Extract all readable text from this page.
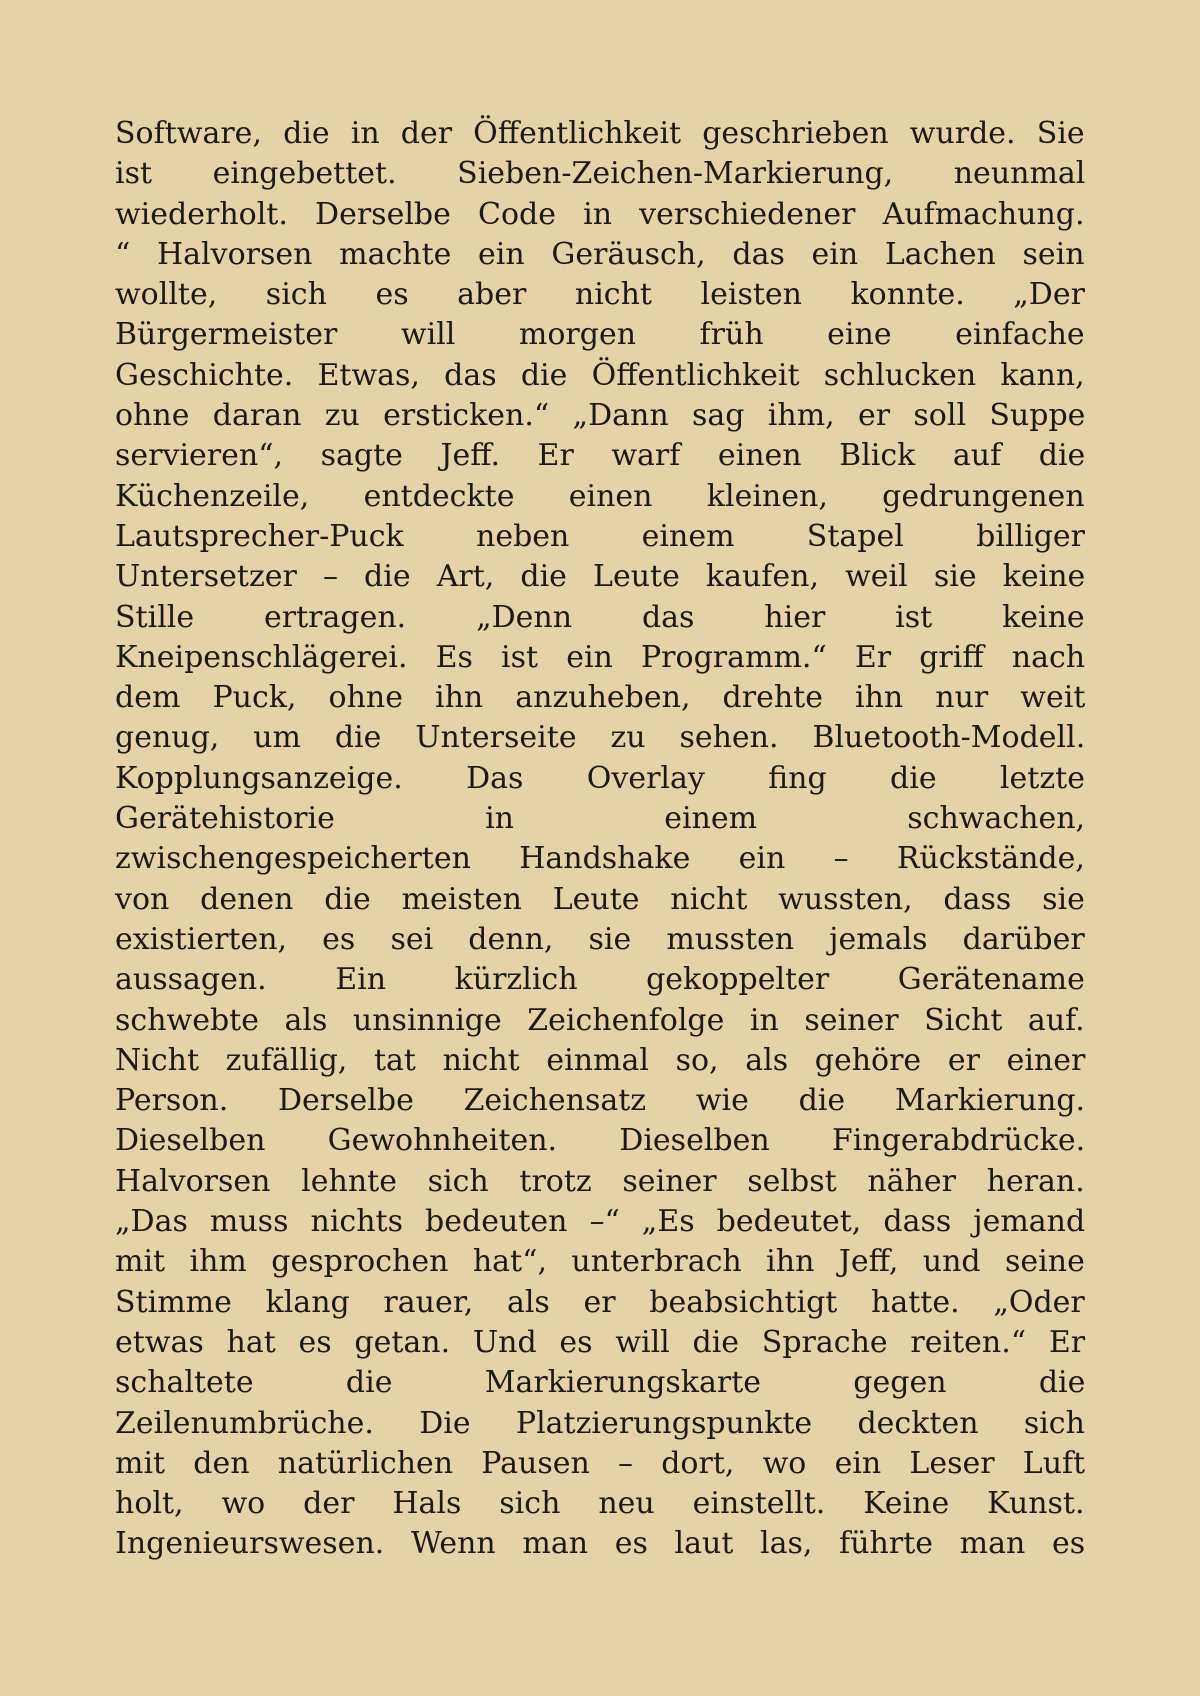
Software, die in der Öffentlichkeit geschrieben wurde. Sie
ist eingebettet. Sieben-Zeichen-Markierung, neunmal
wiederholt. Derselbe Code in verschiedener Aufmachung.
“ Halvorsen machte ein Geräusch, das ein Lachen sein
wollte, sich es aber nicht leisten konnte. „Der
Bürgermeister will morgen früh eine einfache
Geschichte. Etwas, das die Öffentlichkeit schlucken kann,
ohne daran zu ersticken.“ „Dann sag ihm, er soll Suppe
servieren“, sagte Jeff. Er warf einen Blick auf die
Küchenzeile, entdeckte einen kleinen, gedrungenen
Lautsprecher-Puck neben einem Stapel billiger
Untersetzer – die Art, die Leute kaufen, weil sie keine
Stille ertragen. „Denn das hier ist keine
Kneipenschlägerei. Es ist ein Programm.“ Er griff nach
dem Puck, ohne ihn anzuheben, drehte ihn nur weit
genug, um die Unterseite zu sehen. Bluetooth-Modell.
Kopplungsanzeige. Das Overlay fing die letzte
Gerätehistorie in einem schwachen,
zwischengespeicherten Handshake ein – Rückstände,
von denen die meisten Leute nicht wussten, dass sie
existierten, es sei denn, sie mussten jemals darüber
aussagen. Ein kürzlich gekoppelter Gerätename
schwebte als unsinnige Zeichenfolge in seiner Sicht auf.
Nicht zufällig, tat nicht einmal so, als gehöre er einer
Person. Derselbe Zeichensatz wie die Markierung.
Dieselben Gewohnheiten. Dieselben Fingerabdrücke.
Halvorsen lehnte sich trotz seiner selbst näher heran.
„Das muss nichts bedeuten –“ „Es bedeutet, dass jemand
mit ihm gesprochen hat“, unterbrach ihn Jeff, und seine
Stimme klang rauer, als er beabsichtigt hatte. „Oder
etwas hat es getan. Und es will die Sprache reiten.“ Er
schaltete die Markierungskarte gegen die
Zeilenumbrüche. Die Platzierungspunkte deckten sich
mit den natürlichen Pausen – dort, wo ein Leser Luft
holt, wo der Hals sich neu einstellt. Keine Kunst.
Ingenieurswesen. Wenn man es laut las, führte man es
